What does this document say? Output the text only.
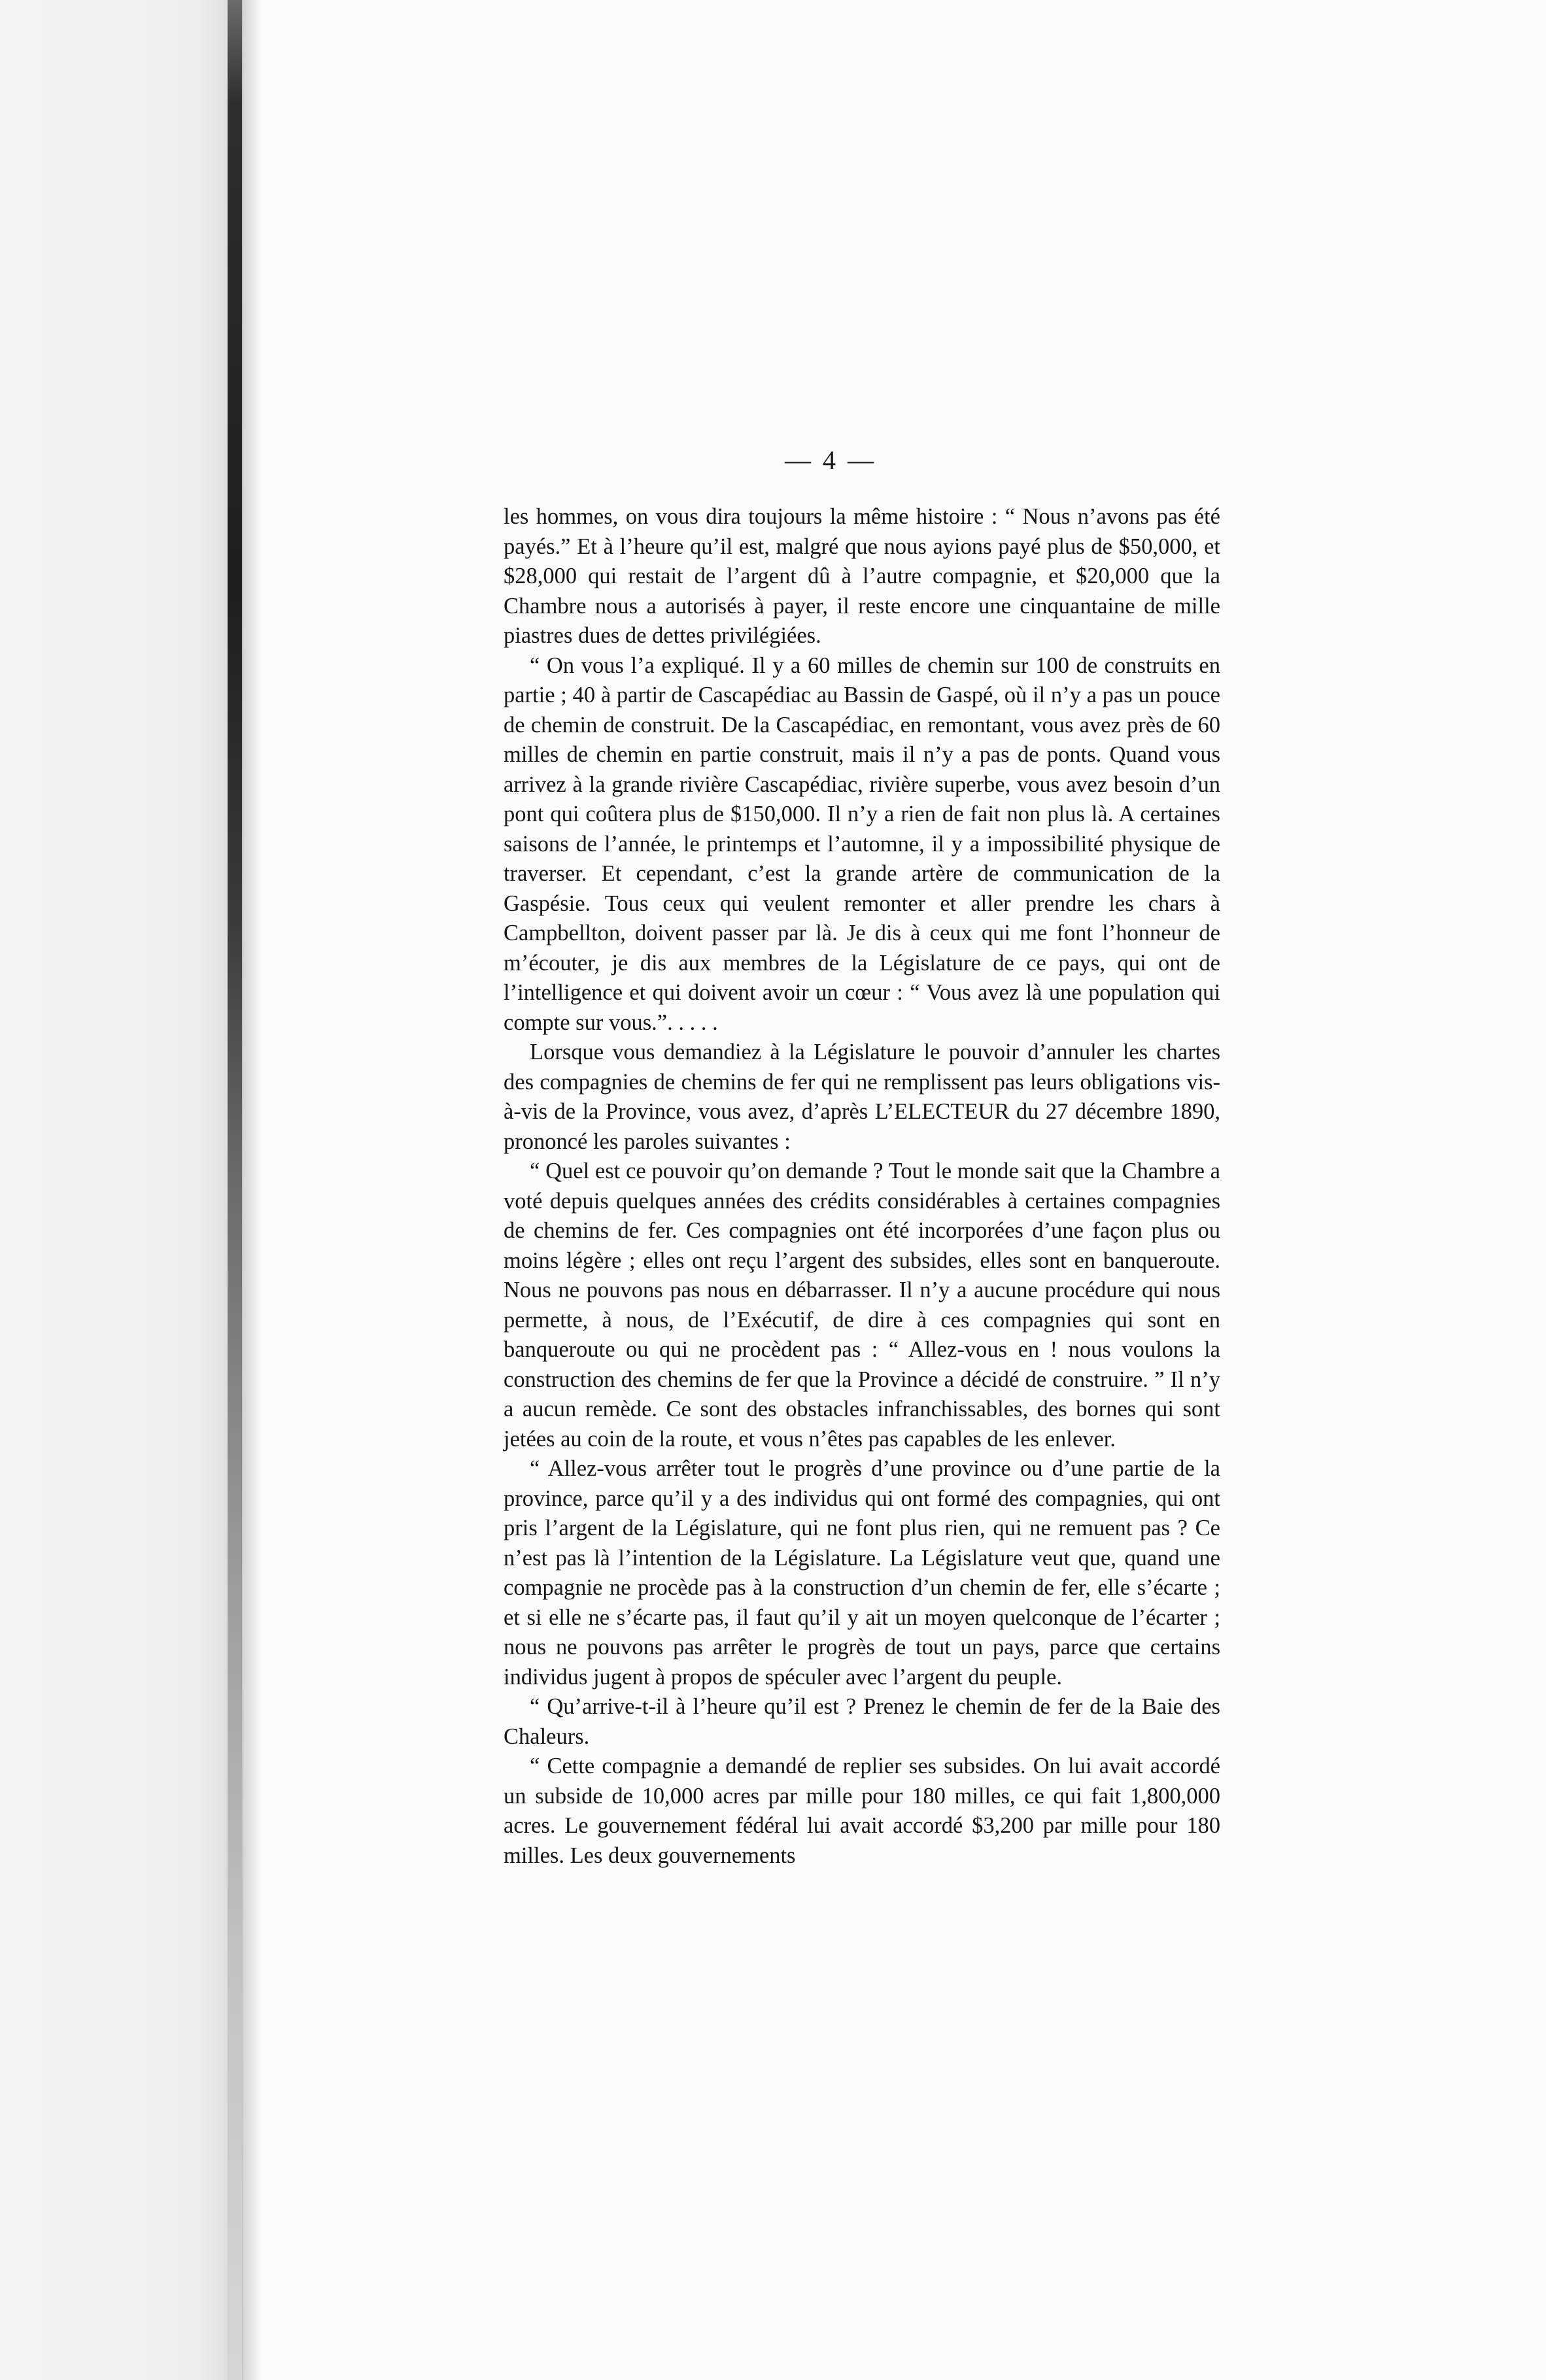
— 4 —

les hommes, on vous dira toujours la même histoire : “ Nous n’avons pas été payés.” Et à l’heure qu’il est, malgré que nous ayions payé plus de $50,000, et $28,000 qui restait de l’argent dû à l’autre compagnie, et $20,000 que la Chambre nous a autorisés à payer, il reste encore une cinquantaine de mille piastres dues de dettes privilégiées.

“ On vous l’a expliqué. Il y a 60 milles de chemin sur 100 de construits en partie ; 40 à partir de Cascapédiac au Bassin de Gaspé, où il n’y a pas un pouce de chemin de construit. De la Cascapédiac, en remontant, vous avez près de 60 milles de chemin en partie construit, mais il n’y a pas de ponts. Quand vous arrivez à la grande rivière Cascapédiac, rivière superbe, vous avez besoin d’un pont qui coûtera plus de $150,000. Il n’y a rien de fait non plus là. A certaines saisons de l’année, le printemps et l’automne, il y a impossibilité physique de traverser. Et cependant, c’est la grande artère de communication de la Gaspésie. Tous ceux qui veulent remonter et aller prendre les chars à Campbellton, doivent passer par là. Je dis à ceux qui me font l’honneur de m’écouter, je dis aux membres de la Législature de ce pays, qui ont de l’intelligence et qui doivent avoir un cœur : “ Vous avez là une population qui compte sur vous.”. . . . .

Lorsque vous demandiez à la Législature le pouvoir d’annuler les chartes des compagnies de chemins de fer qui ne remplissent pas leurs obligations vis-à-vis de la Province, vous avez, d’après L’ELECTEUR du 27 décembre 1890, prononcé les paroles suivantes :

“ Quel est ce pouvoir qu’on demande ? Tout le monde sait que la Chambre a voté depuis quelques années des crédits considérables à certaines compagnies de chemins de fer. Ces compagnies ont été incorporées d’une façon plus ou moins légère ; elles ont reçu l’argent des subsides, elles sont en banqueroute. Nous ne pouvons pas nous en débarrasser. Il n’y a aucune procédure qui nous permette, à nous, de l’Exécutif, de dire à ces compagnies qui sont en banqueroute ou qui ne procèdent pas : “ Allez-vous en ! nous voulons la construction des chemins de fer que la Province a décidé de construire. ” Il n’y a aucun remède. Ce sont des obstacles infranchissables, des bornes qui sont jetées au coin de la route, et vous n’êtes pas capables de les enlever.

“ Allez-vous arrêter tout le progrès d’une province ou d’une partie de la province, parce qu’il y a des individus qui ont formé des compagnies, qui ont pris l’argent de la Législature, qui ne font plus rien, qui ne remuent pas ? Ce n’est pas là l’intention de la Législature. La Législature veut que, quand une compagnie ne procède pas à la construction d’un chemin de fer, elle s’écarte ; et si elle ne s’écarte pas, il faut qu’il y ait un moyen quelconque de l’écarter ; nous ne pouvons pas arrêter le progrès de tout un pays, parce que certains individus jugent à propos de spéculer avec l’argent du peuple.

“ Qu’arrive-t-il à l’heure qu’il est ? Prenez le chemin de fer de la Baie des Chaleurs.

“ Cette compagnie a demandé de replier ses subsides. On lui avait accordé un subside de 10,000 acres par mille pour 180 milles, ce qui fait 1,800,000 acres. Le gouvernement fédéral lui avait accordé $3,200 par mille pour 180 milles. Les deux gouvernements
